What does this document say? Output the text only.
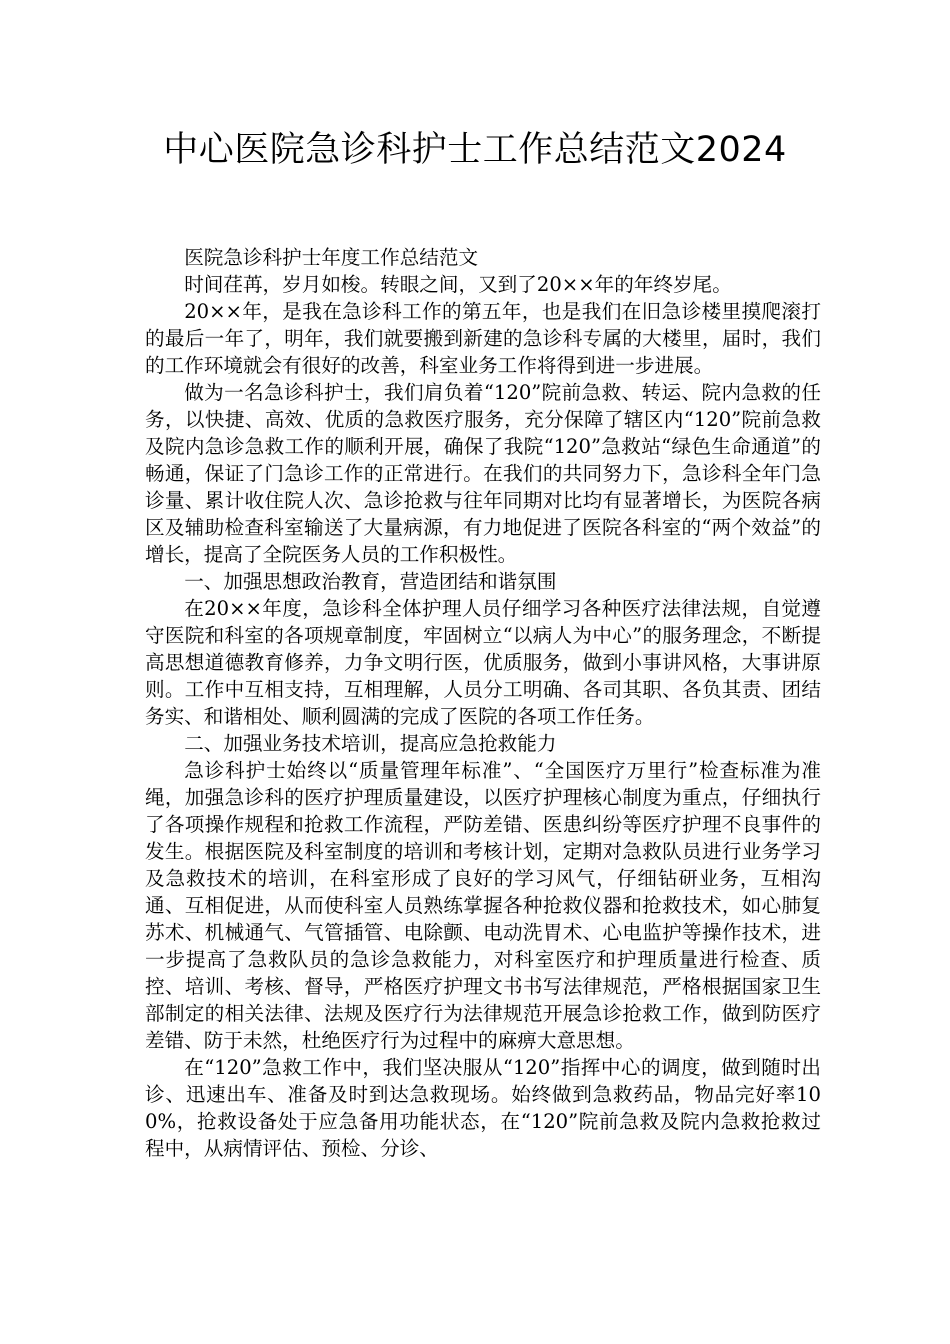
中心医院急诊科护士工作总结范文2024

医院急诊科护士年度工作总结范文

时间荏苒，岁月如梭。转眼之间，又到了20××年的年终岁尾。

20××年，是我在急诊科工作的第五年，也是我们在旧急诊楼里摸爬滚打的最后一年了，明年，我们就要搬到新建的急诊科专属的大楼里，届时，我们的工作环境就会有很好的改善，科室业务工作将得到进一步进展。

做为一名急诊科护士，我们肩负着“120”院前急救、转运、院内急救的任务，以快捷、高效、优质的急救医疗服务，充分保障了辖区内“120”院前急救及院内急诊急救工作的顺利开展，确保了我院“120”急救站“绿色生命通道”的畅通，保证了门急诊工作的正常进行。在我们的共同努力下，急诊科全年门急诊量、累计收住院人次、急诊抢救与往年同期对比均有显著增长，为医院各病区及辅助检查科室输送了大量病源，有力地促进了医院各科室的“两个效益”的增长，提高了全院医务人员的工作积极性。

一、加强思想政治教育，营造团结和谐氛围

在20××年度，急诊科全体护理人员仔细学习各种医疗法律法规，自觉遵守医院和科室的各项规章制度，牢固树立“以病人为中心”的服务理念，不断提高思想道德教育修养，力争文明行医，优质服务，做到小事讲风格，大事讲原则。工作中互相支持，互相理解，人员分工明确、各司其职、各负其责、团结务实、和谐相处、顺利圆满的完成了医院的各项工作任务。

二、加强业务技术培训，提高应急抢救能力

急诊科护士始终以“质量管理年标准”、“全国医疗万里行”检查标准为准绳，加强急诊科的医疗护理质量建设，以医疗护理核心制度为重点，仔细执行了各项操作规程和抢救工作流程，严防差错、医患纠纷等医疗护理不良事件的发生。根据医院及科室制度的培训和考核计划，定期对急救队员进行业务学习及急救技术的培训，在科室形成了良好的学习风气，仔细钻研业务，互相沟通、互相促进，从而使科室人员熟练掌握各种抢救仪器和抢救技术，如心肺复苏术、机械通气、气管插管、电除颤、电动洗胃术、心电监护等操作技术，进一步提高了急救队员的急诊急救能力，对科室医疗和护理质量进行检查、质控、培训、考核、督导，严格医疗护理文书书写法律规范，严格根据国家卫生部制定的相关法律、法规及医疗行为法律规范开展急诊抢救工作，做到防医疗差错、防于未然，杜绝医疗行为过程中的麻痹大意思想。

在“120”急救工作中，我们坚决服从“120”指挥中心的调度，做到随时出诊、迅速出车、准备及时到达急救现场。始终做到急救药品，物品完好率100%，抢救设备处于应急备用功能状态，在“120”院前急救及院内急救抢救过程中，从病情评估、预检、分诊、
